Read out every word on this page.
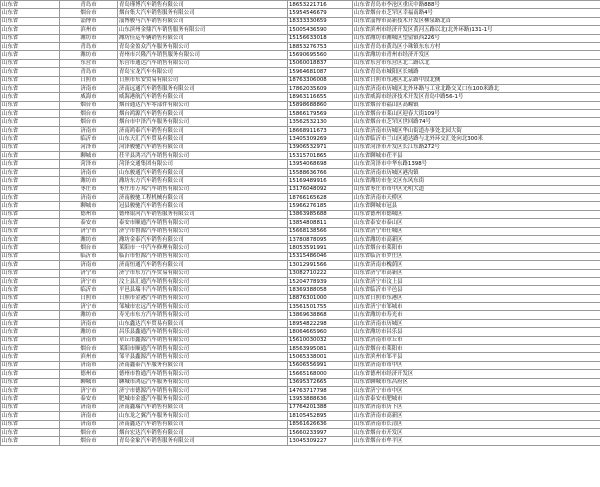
山东省	青岛市	青岛瑾博汽车销售有限公司	18653221716	山东省青岛市李沧区重庆中路888号
山东省	烟台市	烟台集大汽车销售服务有限公司	15954546679	山东省烟台市芝罘区幸福南路4号
山东省	淄博市	淄博骏马汽车销售有限公司	18333330659	山东省淄博市高新技术开发区柳泉路北首
山东省	滨州市	山东滨州金鼎汽车销售服务有限公司	15005436590	山东省滨州市经济开发区黄河五路以北(北外环路)131-1号
山东省	潍坊市	潍坊佳运车辆销售有限公司	15156633018	山东省潍坊市潍城区望留镇西226号
山东省	青岛市	青岛金盈众汽车服务有限公司	18853276753	山东省青岛市黄岛区小珠镇东东方村
山东省	潍坊市	青州市兴隆汽车销售服务有限公司	15690695560	山东省潍坊市青州市经济开发区
山东省	东营市	东营市通达汽车销售有限公司	15060018837	山东省东营市东营区北二路以北
山东省	青岛市	青岛宝龙汽车有限公司	15964681087	山东省青岛市城阳区长城路
山东省	日照市	日照市东安贸易有限公司	18763306008	山东省日照市东港区北京路中段北侧
山东省	济南市	济南远通汽车销售服务有限公司	17862035609	山东省济南市历城区北外环路与工业北路交叉口东100米路北
山东省	威海市	威海港航汽车销售有限公司	18963116655	山东省威海市经济技术开发区青岛中路56-1号
山东省	烟台市	烟台通达汽车零部件有限公司	15898688860	山东省烟台市福山区高疃镇
山东省	烟台市	烟台鸿源汽车销售有限公司	15866179569	山东省烟台市莱山区迎春大街109号
山东省	烟台市	烟台市中泽汽车服务有限公司	13562532130	山东省烟台市芝罘区世回路74号
山东省	济南市	济南鸿泰汽车销售有限公司	18668911673	山东省济南市历城区华山街道办事处北园大街
山东省	临沂市	山东天汇汽车贸易有限公司	13405309269	山东省临沂市兰山区通达路与北外环交汇处向北300米
山东省	菏泽市	菏泽骏驰汽车销售有限公司	13906532971	山东省菏泽市开发区长江东路272号
山东省	聊城市	茌平县鸿兴汽车销售有限公司	15315701865	山东省聊城市茌平县
山东省	菏泽市	菏泽交通集团有限公司	13954068698	山东省菏泽市中华东路1398号
山东省	济南市	山东骏通汽车销售有限公司	15588636766	山东省济南市历城区港沟镇
山东省	潍坊市	潍坊东方汽车销售有限公司	15169489916	山东省潍坊市奎文区东风东街
山东省	枣庄市	枣庄市万邦汽车销售有限公司	13176048092	山东省枣庄市市中区光明大道
山东省	济南市	济南骏驰工程机械有限公司	18766165628	山东省济南市天桥区
山东省	聊城市	冠县骏驰汽车销售有限公司	15966276185	山东省聊城市冠县
山东省	德州市	德州银河汽车销售服务有限公司	13863985688	山东省德州市德城区
山东省	泰安市	泰安市顺通汽车销售有限公司	13854808811	山东省泰安市泰山区
山东省	济宁市	济宁市鲁源汽车销售有限公司	15668138566	山东省济宁市任城区
山东省	潍坊市	潍坊金泰汽车销售有限公司	13780878095	山东省潍坊市高新区
山东省	烟台市	莱阳市一中汽车修理有限公司	18053591991	山东省烟台市莱阳市
山东省	临沂市	临沂市恒源汽车销售有限公司	15315486046	山东省临沂市罗庄区
山东省	济南市	济南恒通汽车销售有限公司	13012991566	山东省济南市槐荫区
山东省	济宁市	济宁市东方汽车贸易有限公司	13082710222	山东省济宁市高新区
山东省	济宁市	汶上县汇通汽车销售有限公司	15204778939	山东省济宁市汶上县
山东省	临沂市	平邑县瑞丰汽车销售有限公司	18369388058	山东省临沂市平邑县
山东省	日照市	日照市金港汽车销售有限公司	18876301000	山东省日照市东港区
山东省	济宁市	邹城市宏远汽车销售有限公司	13561501755	山东省济宁市邹城市
山东省	潍坊市	寿光市东方汽车销售有限公司	13869638868	山东省潍坊市寿光市
山东省	济南市	山东鑫达汽车贸易有限公司	18954822298	山东省济南市历城区
山东省	潍坊市	昌乐县鑫通汽车销售有限公司	18064665960	山东省潍坊市昌乐县
山东省	济南市	章丘市鑫源汽车销售有限公司	15610030032	山东省济南市章丘市
山东省	烟台市	莱阳市顺通汽车销售有限公司	18563995081	山东省烟台市莱阳市
山东省	滨州市	邹平县鑫源汽车销售有限公司	15065338001	山东省滨州市邹平县
山东省	济南市	济南鑫泰汽车服务有限公司	15606556991	山东省济南市市中区
山东省	德州市	德州市鲁通汽车销售有限公司	15665168000	山东省德州市经济开发区
山东省	聊城市	聊城市鸿运汽车服务有限公司	13695372665	山东省聊城市东昌府区
山东省	济宁市	济宁市德源汽车销售有限公司	14763717798	山东省济宁市市中区
山东省	泰安市	肥城市金盛汽车服务有限公司	13953888636	山东省泰安市肥城市
山东省	济南市	济南鑫瑞汽车销售有限公司	17764201388	山东省济南市历下区
山东省	济南市	山东龙之翼汽车服务有限公司	18105452895	山东省济南市高新区
山东省	济南市	济南鑫达汽车销售有限公司	18561626636	山东省济南市长清区
山东省	烟台市	烟台宏达汽车销售有限公司	15660233997	山东省烟台市开发区
山东省	烟台市	青岛金象汽车销售服务有限公司	13045309227	山东省烟台市牟平区
